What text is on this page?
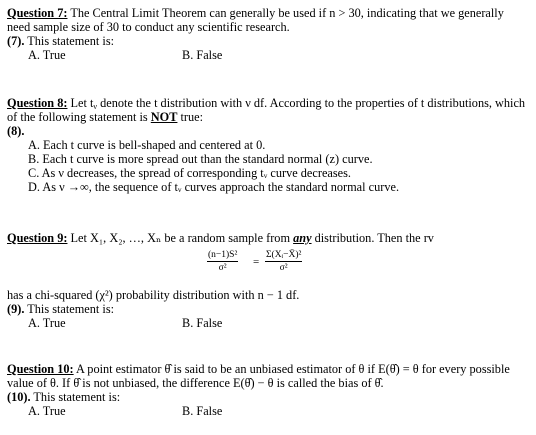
Question 7: The Central Limit Theorem can generally be used if n > 30, indicating that we generally need sample size of 30 to conduct any scientific research.
(7). This statement is:
A. True	B. False
Question 8: Let $t_\nu$ denote the t distribution with ν df. According to the properties of t distributions, which of the following statement is NOT true:
(8).
A. Each t curve is bell-shaped and centered at 0.
B. Each t curve is more spread out than the standard normal (z) curve.
C. As ν decreases, the spread of corresponding tᵥ curve decreases.
D. As ν →∞, the sequence of tᵥ curves approach the standard normal curve.
Question 9: Let X₁, X₂, …, Xₙ be a random sample from any distribution. Then the rv
$\frac{\text{(n−1)S²}}{\text{σ²}} = \frac{\text{Σ(Xᵢ−X̄)²}}{\text{σ²}}$
has a chi-squared (χ²) probability distribution with n − 1 df.
(9). This statement is:
A. True	B. False
Question 10: A point estimator θ̂ is said to be an unbiased estimator of θ if E(θ̂) = θ for every possible value of θ. If θ̂ is not unbiased, the difference E(θ̂) − θ is called the bias of θ̂.
(10). This statement is:
A. True	B. False
